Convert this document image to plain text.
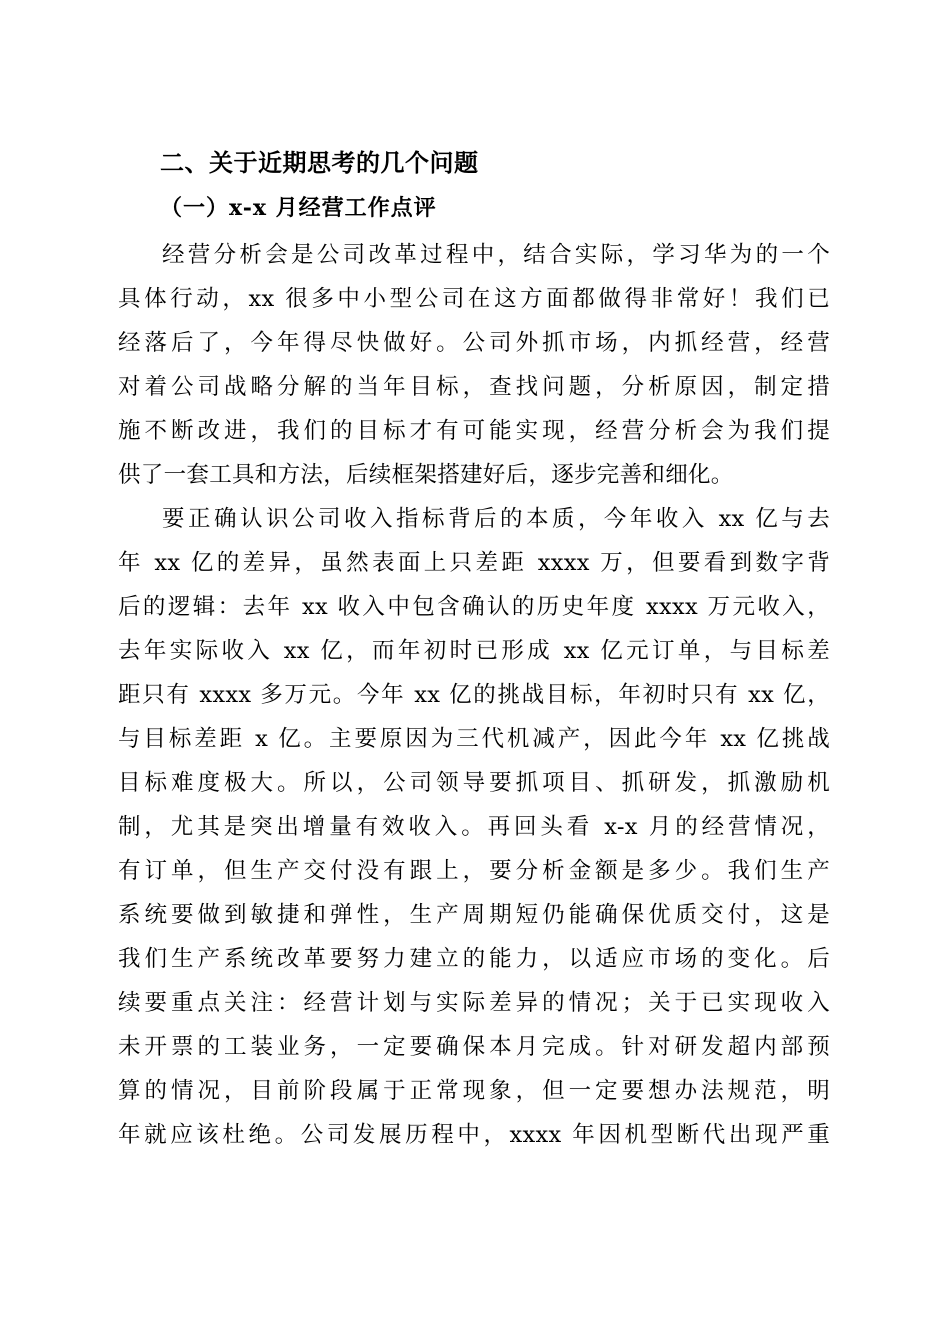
二、关于近期思考的几个问题
（一）x-x 月经营工作点评
经营分析会是公司改革过程中，结合实际，学习华为的一个
具体行动，xx 很多中小型公司在这方面都做得非常好！我们已
经落后了，今年得尽快做好。公司外抓市场，内抓经营，经营
对着公司战略分解的当年目标，查找问题，分析原因，制定措
施不断改进，我们的目标才有可能实现，经营分析会为我们提
供了一套工具和方法，后续框架搭建好后，逐步完善和细化。
要正确认识公司收入指标背后的本质，今年收入 xx 亿与去
年 xx 亿的差异，虽然表面上只差距 xxxx 万，但要看到数字背
后的逻辑：去年 xx 收入中包含确认的历史年度 xxxx 万元收入，
去年实际收入 xx 亿，而年初时已形成 xx 亿元订单，与目标差
距只有 xxxx 多万元。今年 xx 亿的挑战目标，年初时只有 xx 亿，
与目标差距 x 亿。主要原因为三代机减产，因此今年 xx 亿挑战
目标难度极大。所以，公司领导要抓项目、抓研发，抓激励机
制，尤其是突出增量有效收入。再回头看 x-x 月的经营情况，
有订单，但生产交付没有跟上，要分析金额是多少。我们生产
系统要做到敏捷和弹性，生产周期短仍能确保优质交付，这是
我们生产系统改革要努力建立的能力，以适应市场的变化。后
续要重点关注：经营计划与实际差异的情况；关于已实现收入
未开票的工装业务，一定要确保本月完成。针对研发超内部预
算的情况，目前阶段属于正常现象，但一定要想办法规范，明
年就应该杜绝。公司发展历程中，xxxx 年因机型断代出现严重
